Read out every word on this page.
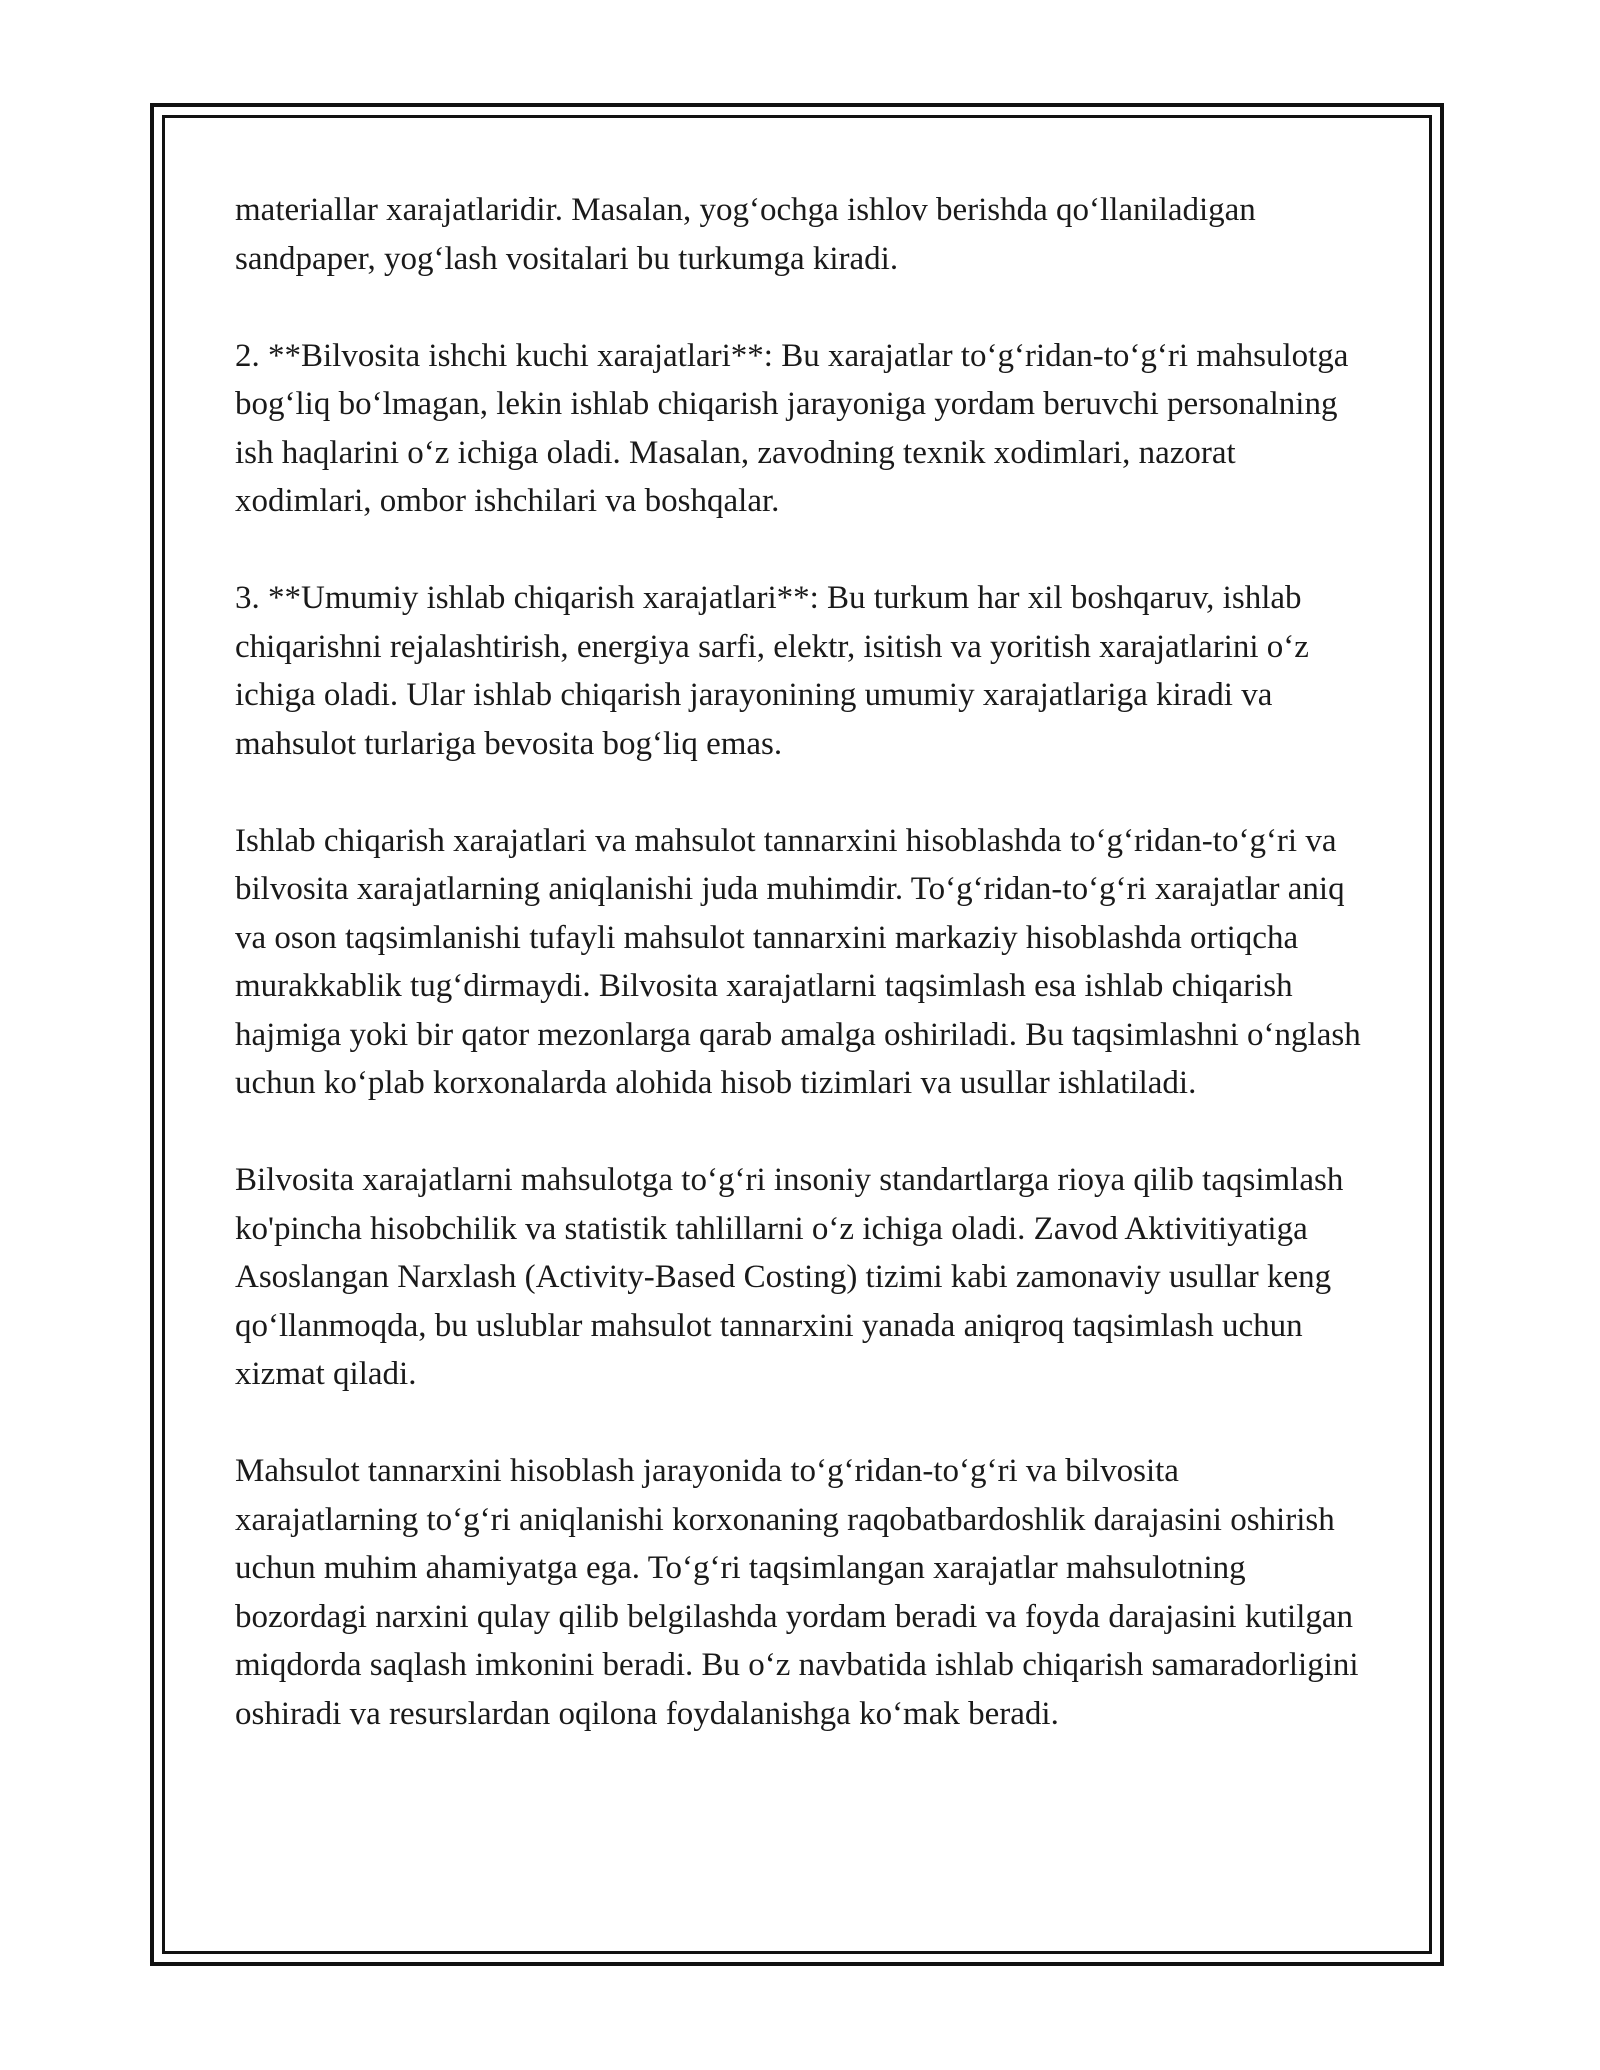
materiallar xarajatlaridir. Masalan, yog‘ochga ishlov berishda qo‘llaniladigan sandpaper, yog‘lash vositalari bu turkumga kiradi.

2. **Bilvosita ishchi kuchi xarajatlari**: Bu xarajatlar to‘g‘ridan-to‘g‘ri mahsulotga bog‘liq bo‘lmagan, lekin ishlab chiqarish jarayoniga yordam beruvchi personalning ish haqlarini o‘z ichiga oladi. Masalan, zavodning texnik xodimlari, nazorat xodimlari, ombor ishchilari va boshqalar.

3. **Umumiy ishlab chiqarish xarajatlari**: Bu turkum har xil boshqaruv, ishlab chiqarishni rejalashtirish, energiya sarfi, elektr, isitish va yoritish xarajatlarini o‘z ichiga oladi. Ular ishlab chiqarish jarayonining umumiy xarajatlariga kiradi va mahsulot turlariga bevosita bog‘liq emas.

Ishlab chiqarish xarajatlari va mahsulot tannarxini hisoblashda to‘g‘ridan-to‘g‘ri va bilvosita xarajatlarning aniqlanishi juda muhimdir. To‘g‘ridan-to‘g‘ri xarajatlar aniq va oson taqsimlanishi tufayli mahsulot tannarxini markaziy hisoblashda ortiqcha murakkablik tug‘dirmaydi. Bilvosita xarajatlarni taqsimlash esa ishlab chiqarish hajmiga yoki bir qator mezonlarga qarab amalga oshiriladi. Bu taqsimlashni o‘nglash uchun ko‘plab korxonalarda alohida hisob tizimlari va usullar ishlatiladi.

Bilvosita xarajatlarni mahsulotga to‘g‘ri insoniy standartlarga rioya qilib taqsimlash ko'pincha hisobchilik va statistik tahlillarni o‘z ichiga oladi. Zavod Aktivitiyatiga Asoslangan Narxlash (Activity-Based Costing) tizimi kabi zamonaviy usullar keng qo‘llanmoqda, bu uslublar mahsulot tannarxini yanada aniqroq taqsimlash uchun xizmat qiladi.

Mahsulot tannarxini hisoblash jarayonida to‘g‘ridan-to‘g‘ri va bilvosita xarajatlarning to‘g‘ri aniqlanishi korxonaning raqobatbardoshlik darajasini oshirish uchun muhim ahamiyatga ega. To‘g‘ri taqsimlangan xarajatlar mahsulotning bozordagi narxini qulay qilib belgilashda yordam beradi va foyda darajasini kutilgan miqdorda saqlash imkonini beradi. Bu o‘z navbatida ishlab chiqarish samaradorligini oshiradi va resurslardan oqilona foydalanishga ko‘mak beradi.
